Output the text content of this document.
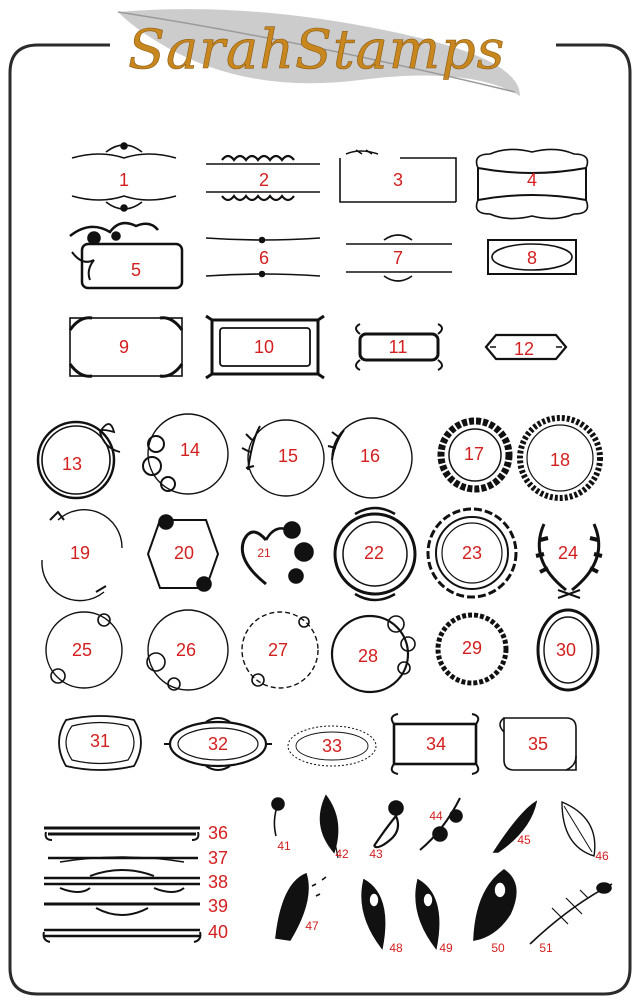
SarahStamps
1	2	3	4
5
6	7	8
9	10	11	12
13
14	15	16	17	18
19	20	21	22	23	24
25	26	27	28	29	30
31	32	33	34	35
36
37
38
39
40
41
42 43
44
45
46
47
48	49	50	51
